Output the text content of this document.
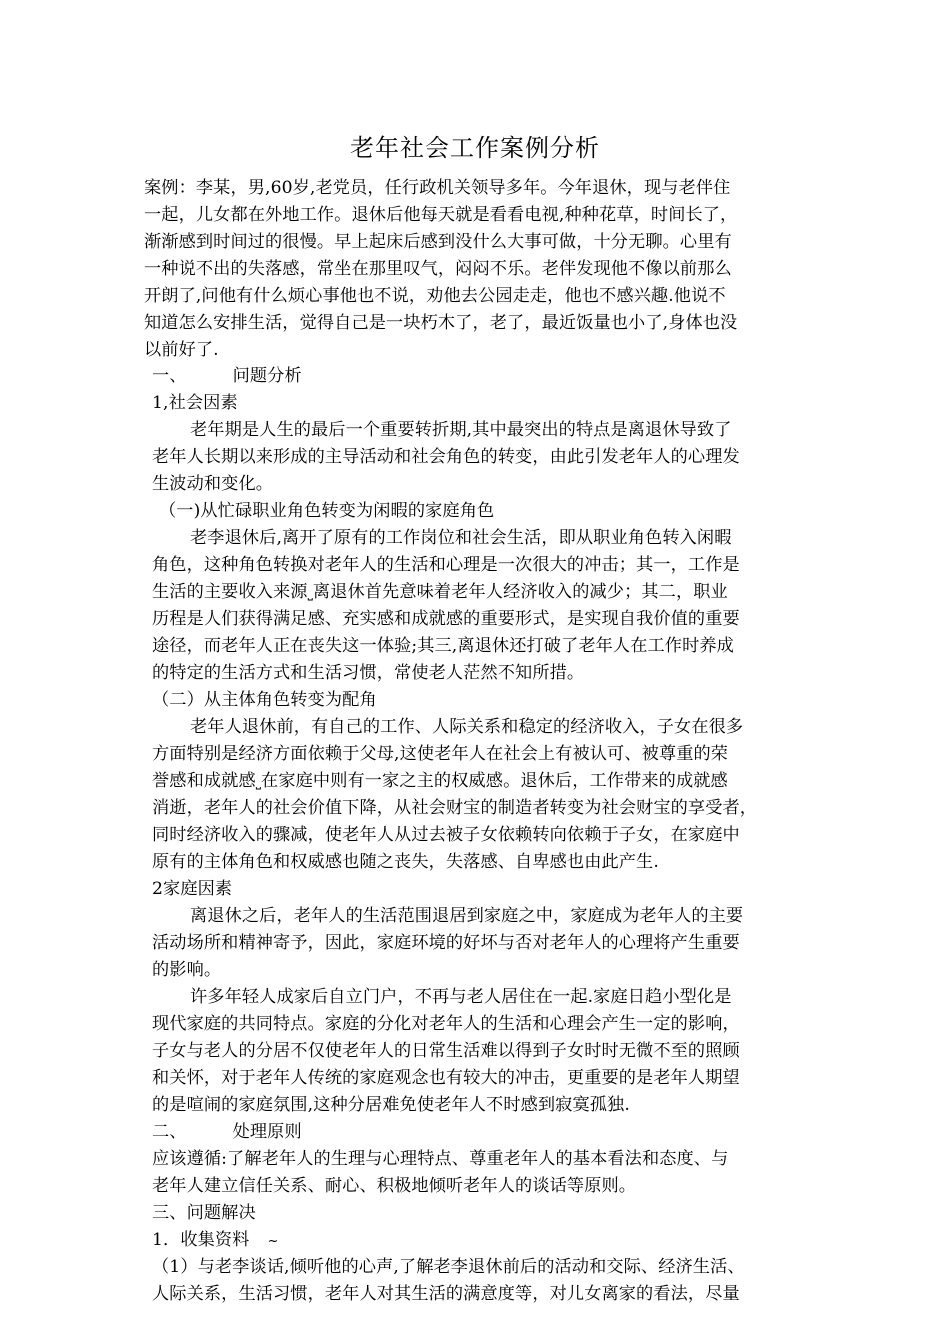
老年社会工作案例分析
案例：李某，男,60岁,老党员，任行政机关领导多年。今年退休，现与老伴住
一起，儿女都在外地工作。退休后他每天就是看看电视,种种花草，时间长了，
渐渐感到时间过的很慢。早上起床后感到没什么大事可做，十分无聊。心里有
一种说不出的失落感，常坐在那里叹气，闷闷不乐。老伴发现他不像以前那么
开朗了,问他有什么烦心事他也不说，劝他去公园走走，他也不感兴趣.他说不
知道怎么安排生活，觉得自己是一块朽木了，老了，最近饭量也小了,身体也没
以前好了.
一、	问题分析
1,社会因素
老年期是人生的最后一个重要转折期,其中最突出的特点是离退休导致了
老年人长期以来形成的主导活动和社会角色的转变，由此引发老年人的心理发
生波动和变化。
（一)从忙碌职业角色转变为闲暇的家庭角色
老李退休后,离开了原有的工作岗位和社会生活，即从职业角色转入闲暇
角色，这种角色转换对老年人的生活和心理是一次很大的冲击；其一，工作是
生活的主要收入来源⎵离退休首先意味着老年人经济收入的减少；其二，职业
历程是人们获得满足感、充实感和成就感的重要形式，是实现自我价值的重要
途径，而老年人正在丧失这一体验;其三,离退休还打破了老年人在工作时养成
的特定的生活方式和生活习惯，常使老人茫然不知所措。
（二）从主体角色转变为配角
老年人退休前，有自己的工作、人际关系和稳定的经济收入，子女在很多
方面特别是经济方面依赖于父母,这使老年人在社会上有被认可、被尊重的荣
誉感和成就感⎵在家庭中则有一家之主的权威感。退休后，工作带来的成就感
消逝，老年人的社会价值下降，从社会财宝的制造者转变为社会财宝的享受者，
同时经济收入的骤减，使老年人从过去被子女依赖转向依赖于子女，在家庭中
原有的主体角色和权威感也随之丧失，失落感、自卑感也由此产生.
2家庭因素
离退休之后，老年人的生活范围退居到家庭之中，家庭成为老年人的主要
活动场所和精神寄予，因此，家庭环境的好坏与否对老年人的心理将产生重要
的影响。
许多年轻人成家后自立门户，不再与老人居住在一起.家庭日趋小型化是
现代家庭的共同特点。家庭的分化对老年人的生活和心理会产生一定的影响，
子女与老人的分居不仅使老年人的日常生活难以得到子女时时无微不至的照顾
和关怀，对于老年人传统的家庭观念也有较大的冲击，更重要的是老年人期望
的是喧闹的家庭氛围,这种分居难免使老年人不时感到寂寞孤独.
二、	处理原则
应该遵循:了解老年人的生理与心理特点、尊重老年人的基本看法和态度、与
老年人建立信任关系、耐心、积极地倾听老年人的谈话等原则。
三、问题解决
1．收集资料 ~
（1）与老李谈话,倾听他的心声,了解老李退休前后的活动和交际、经济生活、
人际关系，生活习惯，老年人对其生活的满意度等，对儿女离家的看法，尽量
